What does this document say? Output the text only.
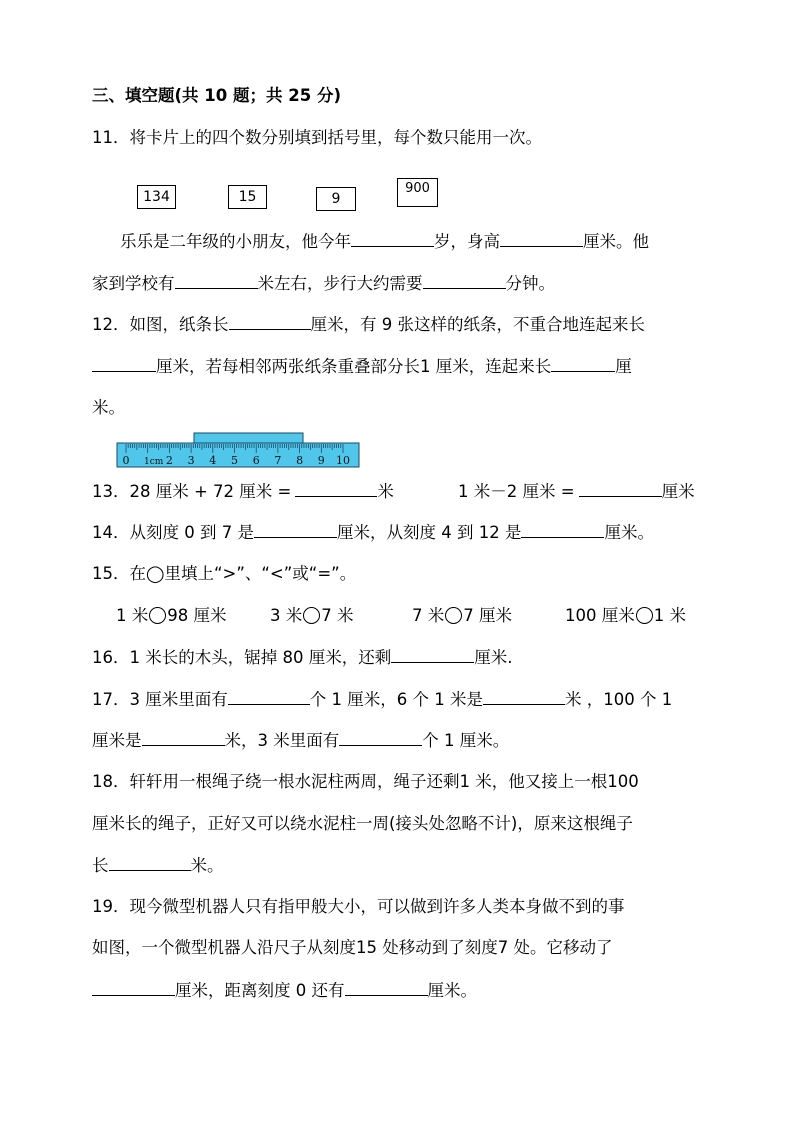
三、填空题(共 10 题；共 25 分)
11．将卡片上的四个数分别填到括号里，每个数只能用一次。
134	15	9
900
乐乐是二年级的小朋友，他今年	岁，身高	厘米。他
家到学校有	米左右，步行大约需要	分钟。
12．如图，纸条长	厘米，有 9 张这样的纸条，不重合地连起来长
厘米，若每相邻两张纸条重叠部分长1 厘米，连起来长	厘
米。
0 1cm 2 3 4 5 6 7 8 9 10
13．28 厘米 + 72 厘米 =	米	1 米－2 厘米 =	厘米
14．从刻度 0 到 7 是	厘米，从刻度 4 到 12 是	厘米。
15．在◯里填上“>”、“<”或“=”。
1 米 98 厘米	3 米 7 米	7 米 7 厘米	100 厘米 1 米
16．1 米长的木头，锯掉 80 厘米，还剩	厘米.
17．3 厘米里面有	个 1 厘米，6 个 1 米是	米 ，100 个 1
厘米是	米，3 米里面有	个 1 厘米。
18．轩轩用一根绳子绕一根水泥柱两周，绳子还剩1 米，他又接上一根100
厘米长的绳子，正好又可以绕水泥柱一周(接头处忽略不计)，原来这根绳子
长	米。
19．现今微型机器人只有指甲般大小，可以做到许多人类本身做不到的事
如图，一个微型机器人沿尺子从刻度15 处移动到了刻度7 处。它移动了
厘米，距离刻度 0 还有	厘米。
